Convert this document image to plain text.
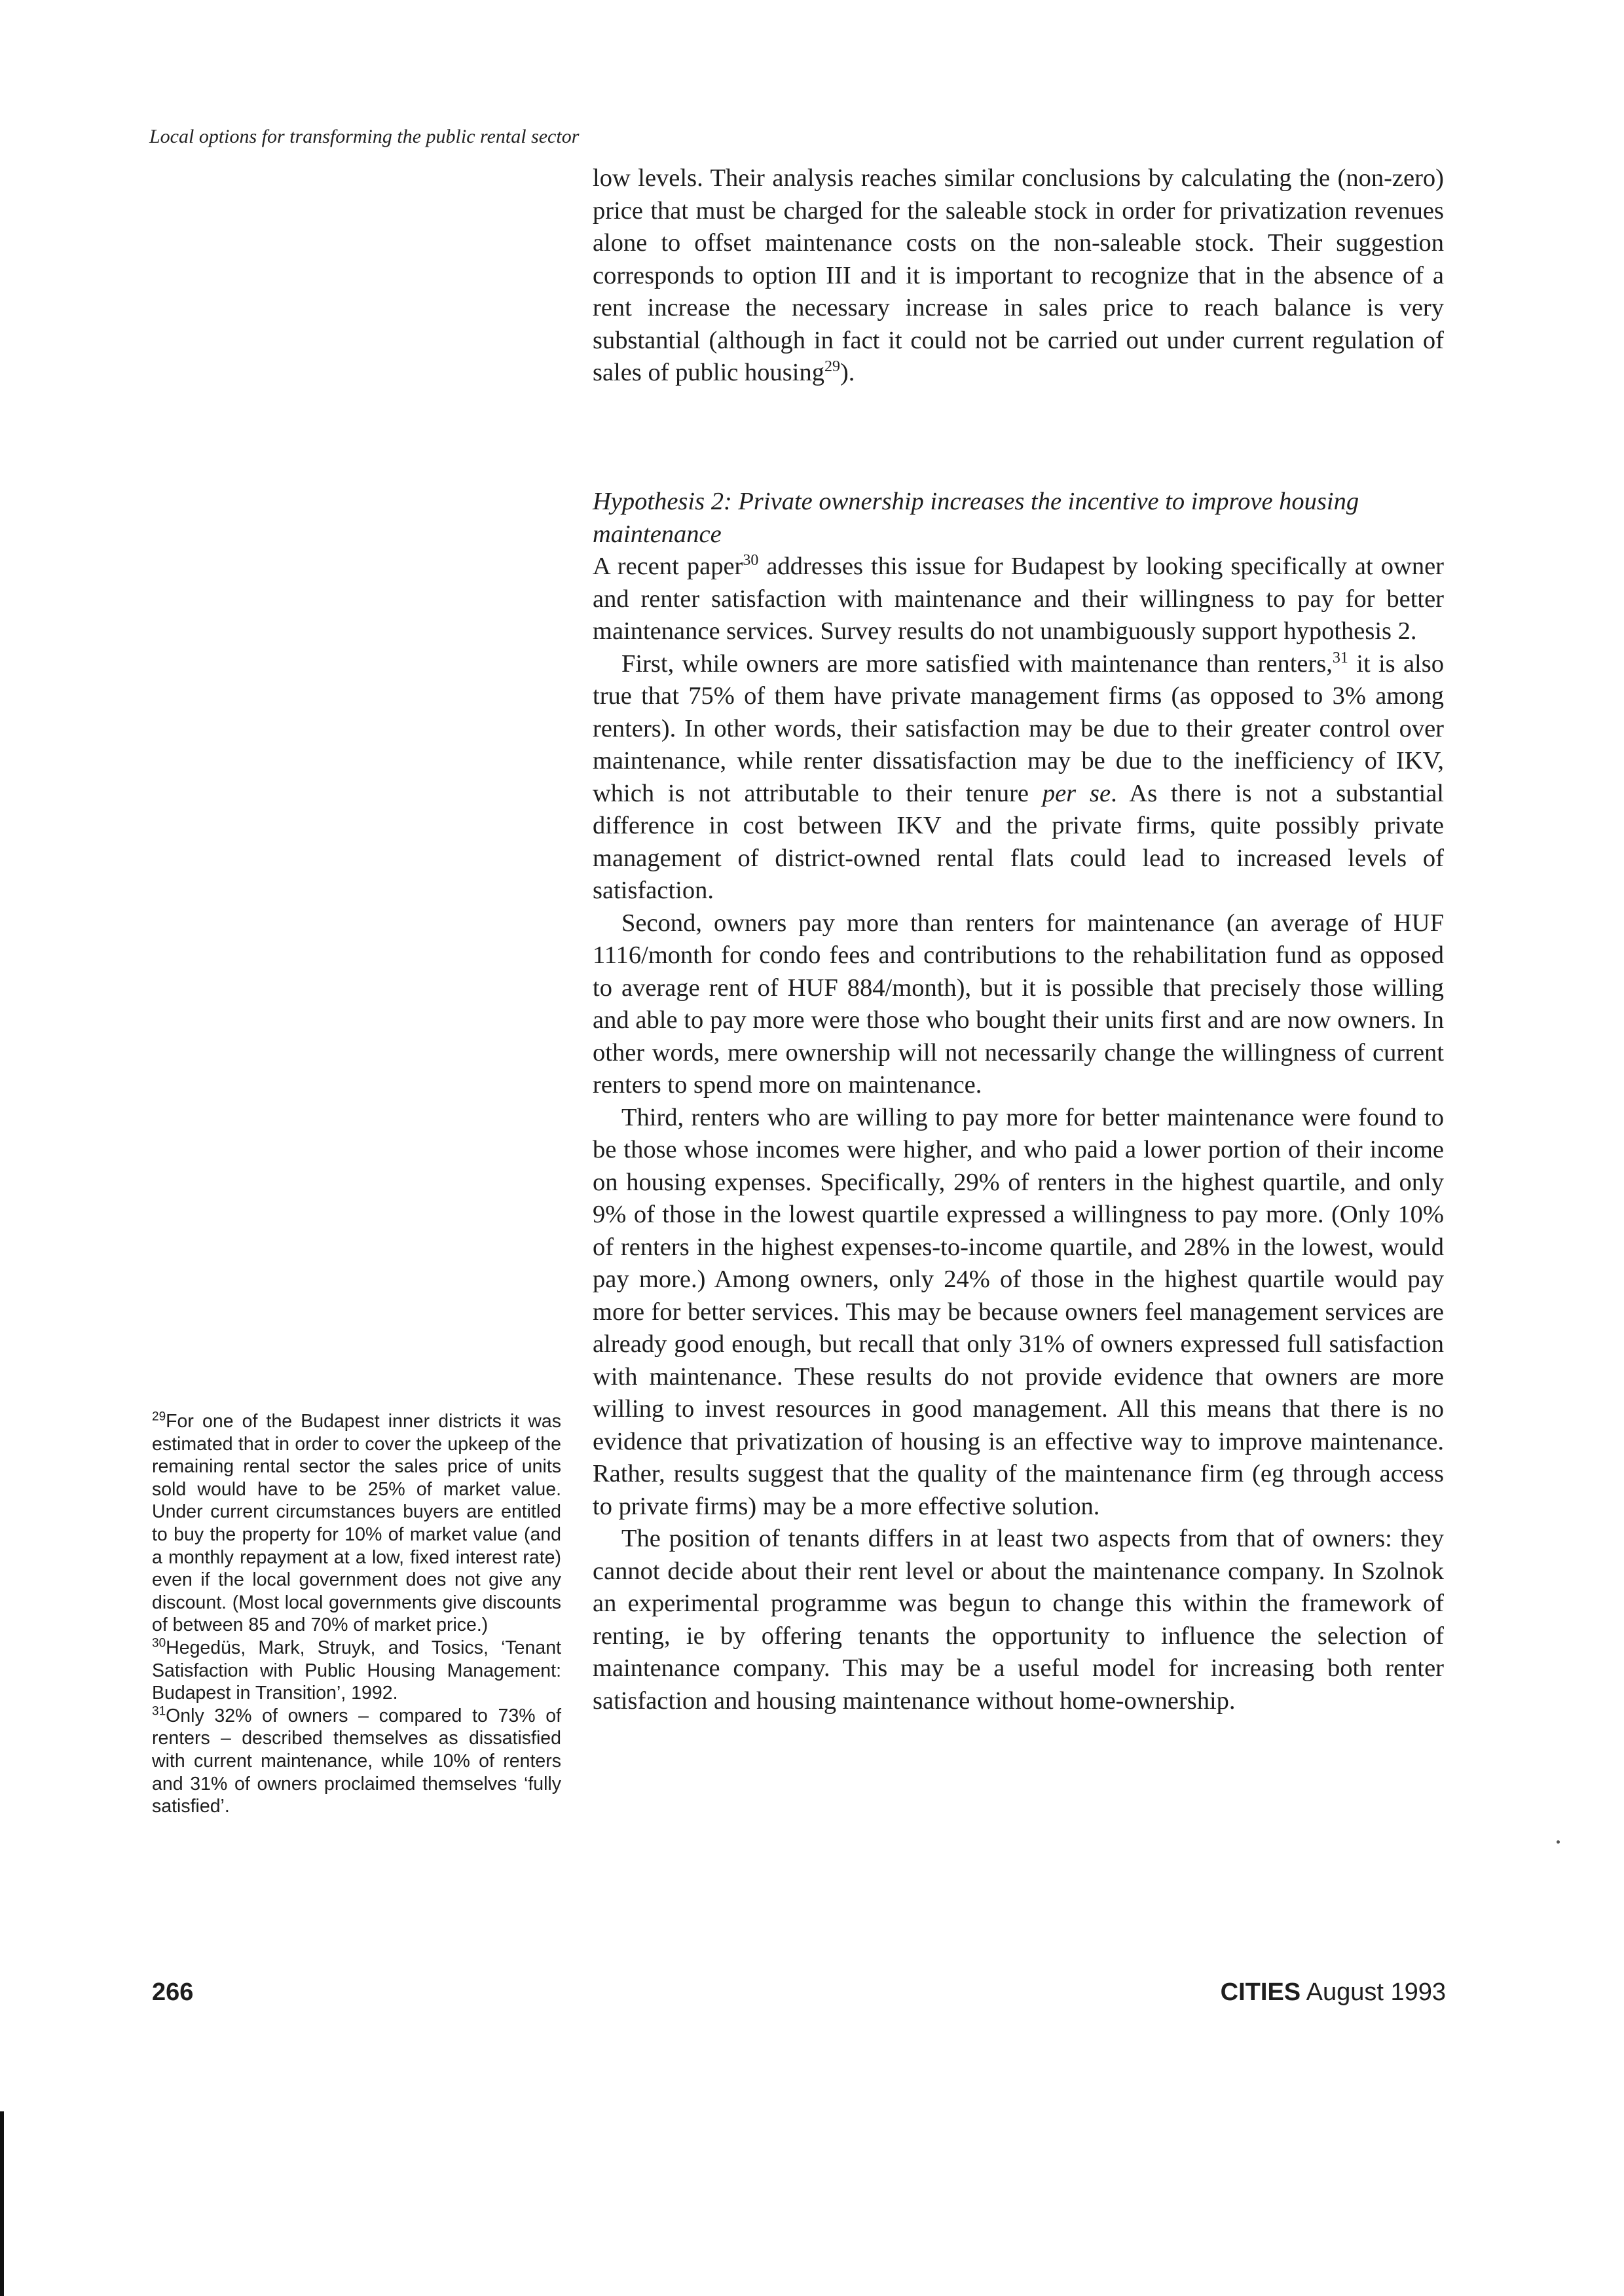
Local options for transforming the public rental sector

low levels. Their analysis reaches similar conclusions by calculating the (non-zero) price that must be charged for the saleable stock in order for privatization revenues alone to offset maintenance costs on the non-saleable stock. Their suggestion corresponds to option III and it is important to recognize that in the absence of a rent increase the necessary increase in sales price to reach balance is very substantial (although in fact it could not be carried out under current regulation of sales of public housing$^{29}$).

Hypothesis 2: Private ownership increases the incentive to improve housing maintenance

A recent paper$^{30}$ addresses this issue for Budapest by looking specifically at owner and renter satisfaction with maintenance and their willingness to pay for better maintenance services. Survey results do not unambiguously support hypothesis 2.

First, while owners are more satisfied with maintenance than renters,$^{31}$ it is also true that 75% of them have private management firms (as opposed to 3% among renters). In other words, their satisfaction may be due to their greater control over maintenance, while renter dissatisfaction may be due to the inefficiency of IKV, which is not attributable to their tenure per se. As there is not a substantial difference in cost between IKV and the private firms, quite possibly private management of district-owned rental flats could lead to increased levels of satisfaction.

Second, owners pay more than renters for maintenance (an average of HUF 1116/month for condo fees and contributions to the rehabilitation fund as opposed to average rent of HUF 884/month), but it is possible that precisely those willing and able to pay more were those who bought their units first and are now owners. In other words, mere ownership will not necessarily change the willingness of current renters to spend more on maintenance.

Third, renters who are willing to pay more for better maintenance were found to be those whose incomes were higher, and who paid a lower portion of their income on housing expenses. Specifically, 29% of renters in the highest quartile, and only 9% of those in the lowest quartile expressed a willingness to pay more. (Only 10% of renters in the highest expenses-to-income quartile, and 28% in the lowest, would pay more.) Among owners, only 24% of those in the highest quartile would pay more for better services. This may be because owners feel management services are already good enough, but recall that only 31% of owners expressed full satisfaction with maintenance. These results do not provide evidence that owners are more willing to invest resources in good management. All this means that there is no evidence that privatization of housing is an effective way to improve maintenance. Rather, results suggest that the quality of the maintenance firm (eg through access to private firms) may be a more effective solution.

The position of tenants differs in at least two aspects from that of owners: they cannot decide about their rent level or about the maintenance company. In Szolnok an experimental programme was begun to change this within the framework of renting, ie by offering tenants the opportunity to influence the selection of maintenance company. This may be a useful model for increasing both renter satisfaction and housing maintenance without home-ownership.

$^{29}$For one of the Budapest inner districts it was estimated that in order to cover the upkeep of the remaining rental sector the sales price of units sold would have to be 25% of market value. Under current circumstances buyers are entitled to buy the property for 10% of market value (and a monthly repayment at a low, fixed interest rate) even if the local government does not give any discount. (Most local governments give discounts of between 85 and 70% of market price.)

$^{30}$Hegedüs, Mark, Struyk, and Tosics, ‘Tenant Satisfaction with Public Housing Management: Budapest in Transition’, 1992.

$^{31}$Only 32% of owners – compared to 73% of renters – described themselves as dissatisfied with current maintenance, while 10% of renters and 31% of owners proclaimed themselves ‘fully satisfied’.

266	CITIES August 1993
